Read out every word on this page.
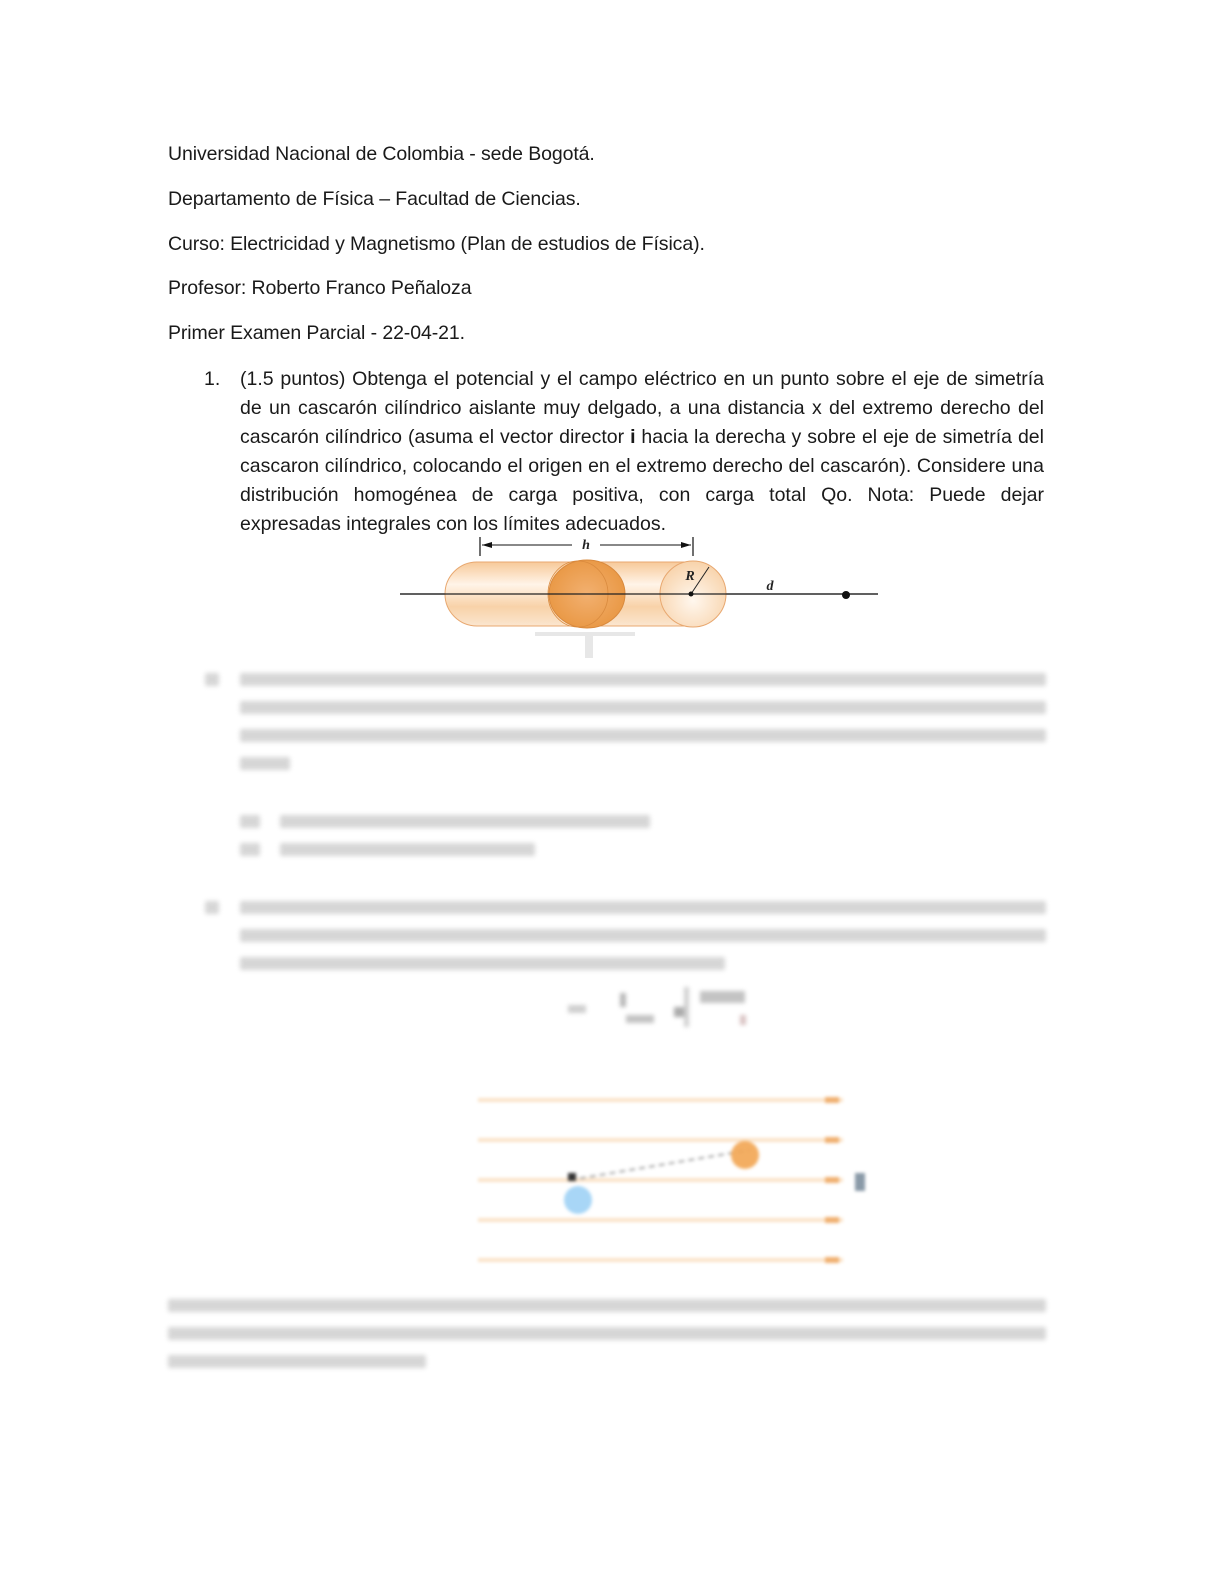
Universidad Nacional de Colombia - sede Bogotá.
Departamento de Física – Facultad de Ciencias.
Curso: Electricidad y Magnetismo (Plan de estudios de Física).
Profesor: Roberto Franco Peñaloza
Primer Examen Parcial - 22-04-21.
1. (1.5 puntos) Obtenga el potencial y el campo eléctrico en un punto sobre el eje de simetría de un cascarón cilíndrico aislante muy delgado, a una distancia x del extremo derecho del cascarón cilíndrico (asuma el vector director i hacia la derecha y sobre el eje de simetría del cascaron cilíndrico, colocando el origen en el extremo derecho del cascarón). Considere una distribución homogénea de carga positiva, con carga total Qo. Nota: Puede dejar expresadas integrales con los límites adecuados.
h
R
d
